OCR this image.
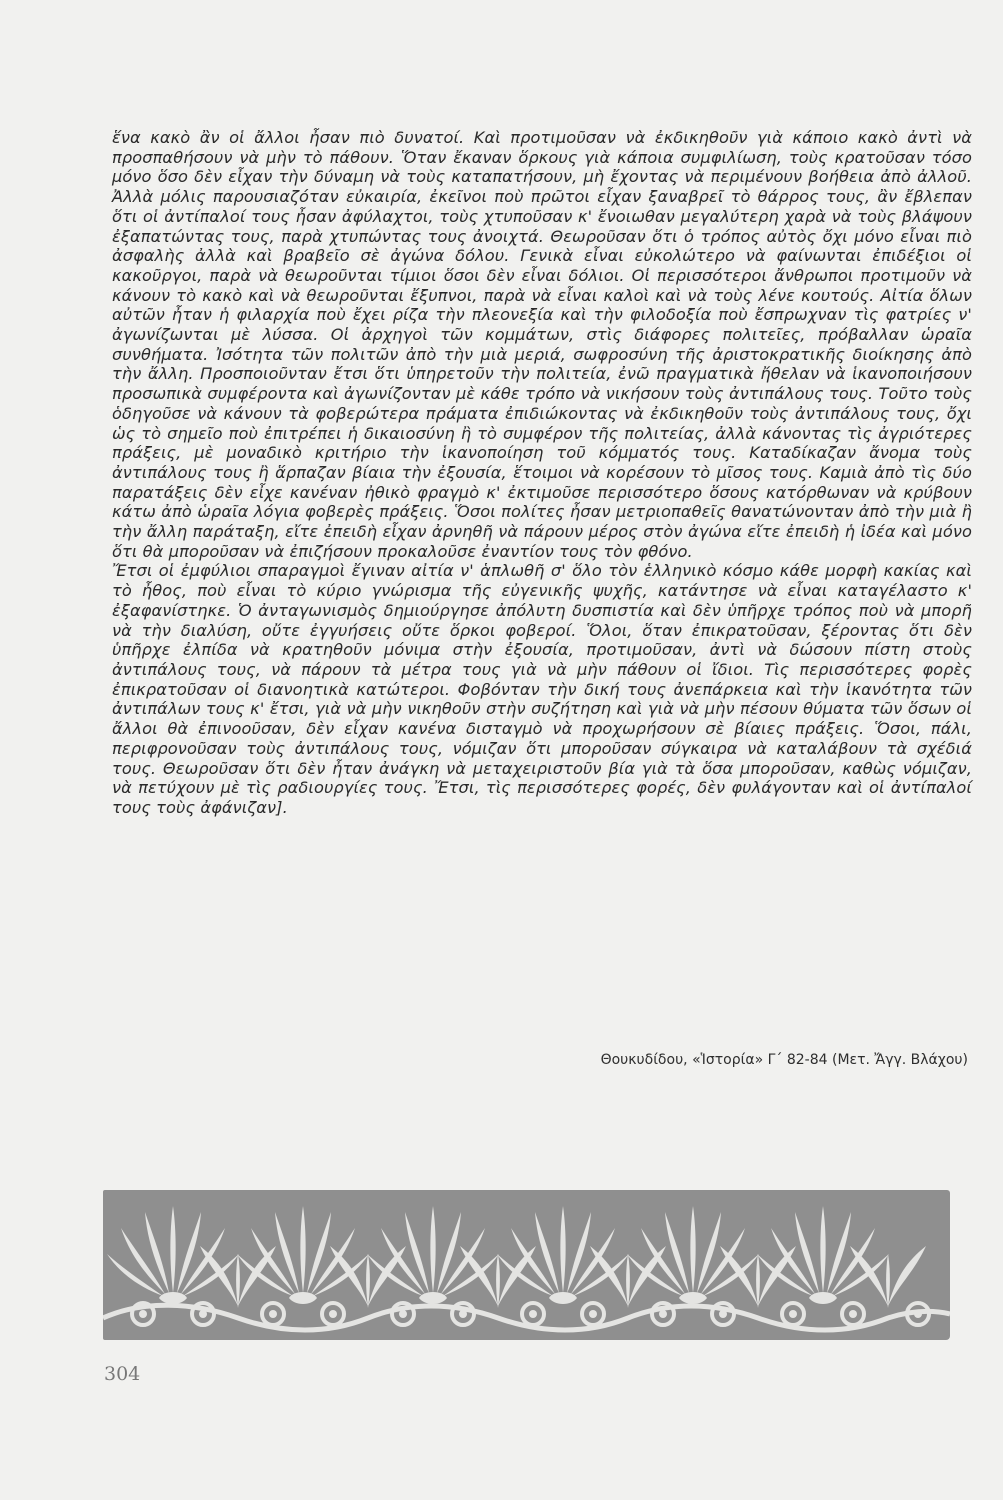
ἕνα κακὸ ἂν οἱ ἄλλοι ἦσαν πιὸ δυνατοί. Καὶ προτιμοῦσαν νὰ ἐκδικηθοῦν γιὰ κάποιο κακὸ ἀντὶ νὰ προσπαθήσουν νὰ μὴν τὸ πάθουν. Ὅταν ἔκαναν ὅρκους γιὰ κάποια συμφιλίωση, τοὺς κρατοῦσαν τόσο μόνο ὅσο δὲν εἶχαν τὴν δύναμη νὰ τοὺς καταπατήσουν, μὴ ἔχοντας νὰ περιμένουν βοήθεια ἀπὸ ἀλλοῦ. Ἀλλὰ μόλις παρουσιαζόταν εὐκαιρία, ἐκεῖνοι ποὺ πρῶτοι εἶχαν ξαναβρεῖ τὸ θάρρος τους, ἂν ἔβλεπαν ὅτι οἱ ἀντίπαλοί τους ἦσαν ἀφύλαχτοι, τοὺς χτυποῦσαν κ' ἔνοιωθαν μεγαλύτερη χαρὰ νὰ τοὺς βλάψουν ἐξαπατώντας τους, παρὰ χτυπώντας τους ἀνοιχτά. Θεωροῦσαν ὅτι ὁ τρόπος αὐτὸς ὄχι μόνο εἶναι πιὸ ἀσφαλὴς ἀλλὰ καὶ βραβεῖο σὲ ἀγώνα δόλου. Γενικὰ εἶναι εὐκολώτερο νὰ φαίνωνται ἐπιδέξιοι οἱ κακοῦργοι, παρὰ νὰ θεωροῦνται τίμιοι ὅσοι δὲν εἶναι δόλιοι. Οἱ περισσότεροι ἄνθρωποι προτιμοῦν νὰ κάνουν τὸ κακὸ καὶ νὰ θεωροῦνται ἔξυπνοι, παρὰ νὰ εἶναι καλοὶ καὶ νὰ τοὺς λένε κουτούς. Αἰτία ὅλων αὐτῶν ἦταν ἡ φιλαρχία ποὺ ἔχει ρίζα τὴν πλεονεξία καὶ τὴν φιλοδοξία ποὺ ἔσπρωχναν τὶς φατρίες ν' ἀγωνίζωνται μὲ λύσσα. Οἱ ἀρχηγοὶ τῶν κομμάτων, στὶς διάφορες πολιτεῖες, πρόβαλλαν ὡραῖα συνθήματα. Ἰσότητα τῶν πολιτῶν ἀπὸ τὴν μιὰ μεριά, σωφροσύνη τῆς ἀριστοκρατικῆς διοίκησης ἀπὸ τὴν ἄλλη. Προσποιοῦνταν ἔτσι ὅτι ὑπηρετοῦν τὴν πολιτεία, ἐνῶ πραγματικὰ ἤθελαν νὰ ἱκανοποιήσουν προσωπικὰ συμφέροντα καὶ ἀγωνίζονταν μὲ κάθε τρόπο νὰ νικήσουν τοὺς ἀντιπάλους τους. Τοῦτο τοὺς ὁδηγοῦσε νὰ κάνουν τὰ φοβερώτερα πράματα ἐπιδιώκοντας νὰ ἐκδικηθοῦν τοὺς ἀντιπάλους τους, ὄχι ὡς τὸ σημεῖο ποὺ ἐπιτρέπει ἡ δικαιοσύνη ἢ τὸ συμφέρον τῆς πολιτείας, ἀλλὰ κάνοντας τὶς ἀγριότερες πράξεις, μὲ μοναδικὸ κριτήριο τὴν ἱκανοποίηση τοῦ κόμματός τους. Καταδίκαζαν ἄνομα τοὺς ἀντιπάλους τους ἢ ἅρπαζαν βίαια τὴν ἐξουσία, ἕτοιμοι νὰ κορέσουν τὸ μῖσος τους. Καμιὰ ἀπὸ τὶς δύο παρατάξεις δὲν εἶχε κανέναν ἠθικὸ φραγμὸ κ' ἐκτιμοῦσε περισσότερο ὅσους κατόρθωναν νὰ κρύβουν κάτω ἀπὸ ὡραῖα λόγια φοβερὲς πράξεις. Ὅσοι πολίτες ἦσαν μετριοπαθεῖς θανατώνονταν ἀπὸ τὴν μιὰ ἢ τὴν ἄλλη παράταξη, εἴτε ἐπειδὴ εἶχαν ἀρνηθῆ νὰ πάρουν μέρος στὸν ἀγώνα εἴτε ἐπειδὴ ἡ ἰδέα καὶ μόνο ὅτι θὰ μποροῦσαν νὰ ἐπιζήσουν προκαλοῦσε ἐναντίον τους τὸν φθόνο.

Ἔτσι οἱ ἐμφύλιοι σπαραγμοὶ ἔγιναν αἰτία ν' ἁπλωθῆ σ' ὅλο τὸν ἑλληνικὸ κόσμο κάθε μορφὴ κακίας καὶ τὸ ἦθος, ποὺ εἶναι τὸ κύριο γνώρισμα τῆς εὐγενικῆς ψυχῆς, κατάντησε νὰ εἶναι καταγέλαστο κ' ἐξαφανίστηκε. Ὁ ἀνταγωνισμὸς δημιούργησε ἀπόλυτη δυσπιστία καὶ δὲν ὑπῆρχε τρόπος ποὺ νὰ μπορῆ νὰ τὴν διαλύση, οὔτε ἐγγυήσεις οὔτε ὅρκοι φοβεροί. Ὅλοι, ὅταν ἐπικρατοῦσαν, ξέροντας ὅτι δὲν ὑπῆρχε ἐλπίδα νὰ κρατηθοῦν μόνιμα στὴν ἐξουσία, προτιμοῦσαν, ἀντὶ νὰ δώσουν πίστη στοὺς ἀντιπάλους τους, νὰ πάρουν τὰ μέτρα τους γιὰ νὰ μὴν πάθουν οἱ ἴδιοι. Τὶς περισσότερες φορὲς ἐπικρατοῦσαν οἱ διανοητικὰ κατώτεροι. Φοβόνταν τὴν δική τους ἀνεπάρκεια καὶ τὴν ἱκανότητα τῶν ἀντιπάλων τους κ' ἔτσι, γιὰ νὰ μὴν νικηθοῦν στὴν συζήτηση καὶ γιὰ νὰ μὴν πέσουν θύματα τῶν ὅσων οἱ ἄλλοι θὰ ἐπινοοῦσαν, δὲν εἶχαν κανένα δισταγμὸ νὰ προχωρήσουν σὲ βίαιες πράξεις. Ὅσοι, πάλι, περιφρονοῦσαν τοὺς ἀντιπάλους τους, νόμιζαν ὅτι μποροῦσαν σύγκαιρα νὰ καταλάβουν τὰ σχέδιά τους. Θεωροῦσαν ὅτι δὲν ἦταν ἀνάγκη νὰ μεταχειριστοῦν βία γιὰ τὰ ὅσα μποροῦσαν, καθὼς νόμιζαν, νὰ πετύχουν μὲ τὶς ραδιουργίες τους. Ἔτσι, τὶς περισσότερες φορές, δὲν φυλάγονταν καὶ οἱ ἀντίπαλοί τους τοὺς ἀφάνιζαν].

Θουκυδίδου, «Ἱστορία» Γ΄ 82-84 (Μετ. Ἄγγ. Βλάχου)
304
